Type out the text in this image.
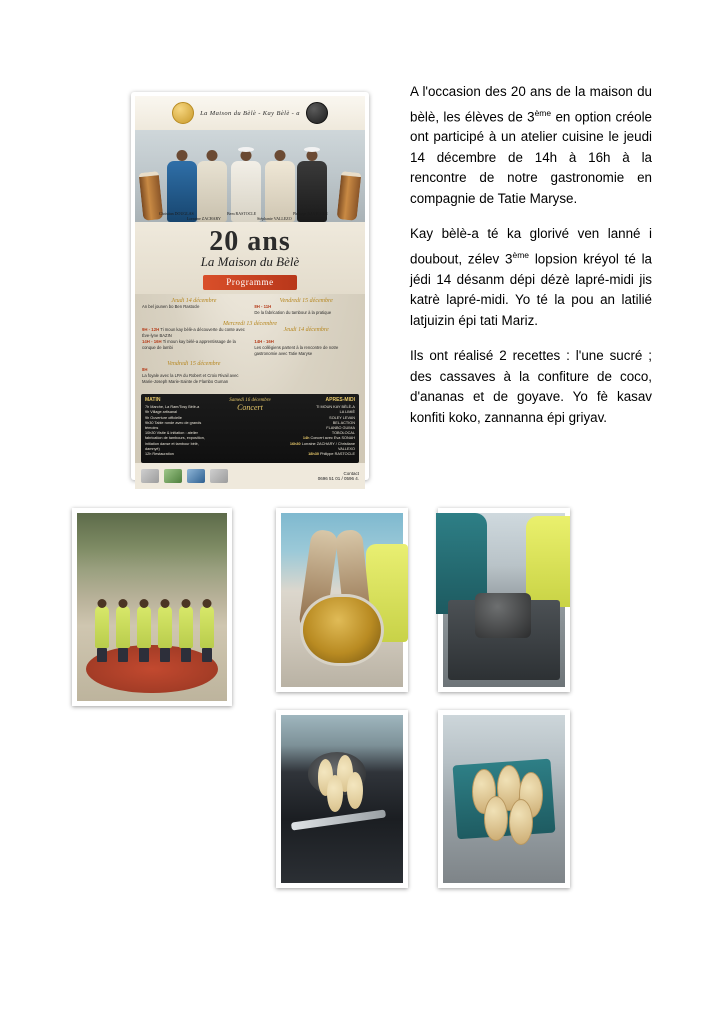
La Maison du Bèlè - Kay Bèlè - a
Christian DOUGLAS
Lorraine ZACHARY
Bem RASTOCLE
Stéphanie VALLEZO
Philippe RASTOCLE
20 ans
La Maison du Bèlè
Programme
Jeudi 14 décembre
An bel jounen bo Ben Rastocle
Vendredi 15 décembre
8H - 11H
De la fabrication du tambour à la pratique
Mercredi 13 décembre
9H - 12H Ti moun kay bèlè-a découverte du conte avec Éve-lyne BAZIN
Jeudi 14 décembre
14H - 16H Ti moun kay bèlè-a apprentissage de la conque de lambi
14H - 16H
Les collégiens partent à la rencontre de notre gastronomie avec Tatie Maryse
Vendredi 15 décembre
8H
La foyale avec la LPA du Robert et Croix Rivail avec Marie-Joseph Marie-Sainte de Flambo Guman
MATIN
7h Marche, La Ram/Tosy Bèlè-a
9h Village artisanal
9h Ouverture officielle
9h30 Table ronde avec de grands témoins
10h30 Visite & initiation : atelier fabrication de tambours, exposition, initiation danse et tambour bèlè, damnyé)
12h Restauration
Samedi 16 décembre
Concert
APRES-MIDI
TI MOUN KAY BÈLÈ-A
LA LIMIÈ
SOLEY LEVAN
BEL ACTION
FLANBO GUIMA
TOBOLOCAL
14h Concert avec Eva SONAH
16h30 Lorraine ZACHARY / Christiane VALLEXO
18h30 Philippe RASTOCLE
Contact
0696 51 01 / 0596 4.

A l'occasion des 20 ans de la maison du bèlè, les élèves de 3ème en option créole ont participé à un atelier cuisine le jeudi 14 décembre de 14h à 16h à la rencontre de notre gastronomie en compagnie de Tatie Maryse.

Kay bèlè-a té ka glorivé ven lanné i doubout, zélev 3ème lopsion kréyol té la jédi 14 désanm dépi dézè lapré-midi jis katrè lapré-midi. Yo té la pou an latilié latjuizin épi tati Mariz.

Ils ont réalisé 2 recettes : l'une sucré ; des cassaves à la confiture de coco, d'ananas et de goyave. Yo fè kasav konfiti koko, zannanna épi griyav.
